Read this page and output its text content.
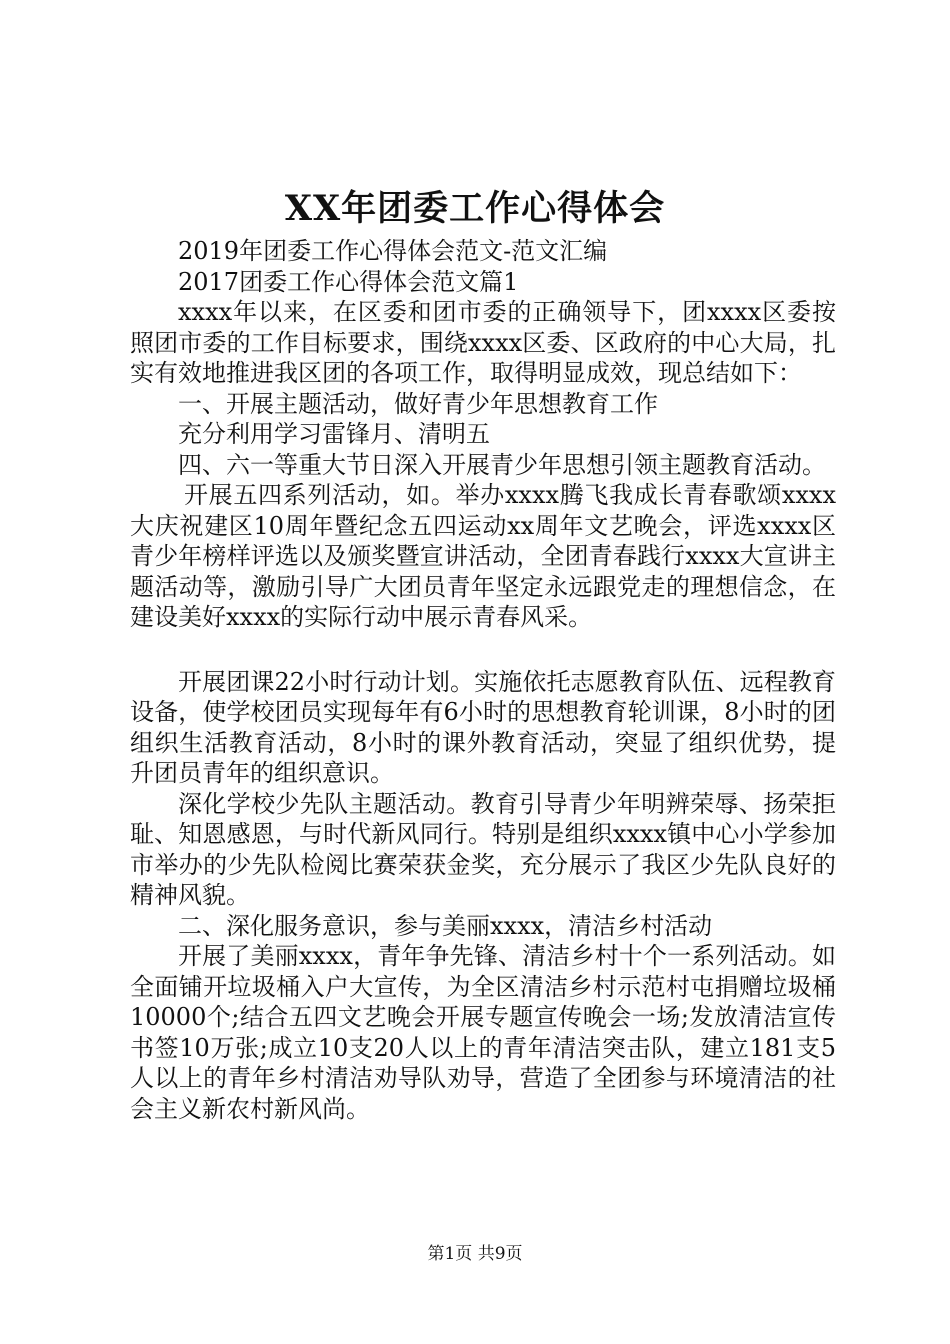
XX年团委工作心得体会

2019年团委工作心得体会范文-范文汇编

2017团委工作心得体会范文篇1

xxxx年以来，在区委和团市委的正确领导下，团xxxx区委按照团市委的工作目标要求，围绕xxxx区委、区政府的中心大局，扎实有效地推进我区团的各项工作，取得明显成效，现总结如下：

一、开展主题活动，做好青少年思想教育工作

充分利用学习雷锋月、清明五

四、六一等重大节日深入开展青少年思想引领主题教育活动。

开展五四系列活动，如。举办xxxx腾飞我成长青春歌颂xxxx大庆祝建区10周年暨纪念五四运动xx周年文艺晚会，评选xxxx区青少年榜样评选以及颁奖暨宣讲活动，全团青春践行xxxx大宣讲主题活动等，激励引导广大团员青年坚定永远跟党走的理想信念，在建设美好xxxx的实际行动中展示青春风采。

开展团课22小时行动计划。实施依托志愿教育队伍、远程教育设备，使学校团员实现每年有6小时的思想教育轮训课，8小时的团组织生活教育活动，8小时的课外教育活动，突显了组织优势，提升团员青年的组织意识。

深化学校少先队主题活动。教育引导青少年明辨荣辱、扬荣拒耻、知恩感恩，与时代新风同行。特别是组织xxxx镇中心小学参加市举办的少先队检阅比赛荣获金奖，充分展示了我区少先队良好的精神风貌。

二、深化服务意识，参与美丽xxxx，清洁乡村活动

开展了美丽xxxx，青年争先锋、清洁乡村十个一系列活动。如全面铺开垃圾桶入户大宣传，为全区清洁乡村示范村屯捐赠垃圾桶10000个;结合五四文艺晚会开展专题宣传晚会一场;发放清洁宣传书签10万张;成立10支20人以上的青年清洁突击队，建立181支5人以上的青年乡村清洁劝导队劝导，营造了全团参与环境清洁的社会主义新农村新风尚。

第1页 共9页
